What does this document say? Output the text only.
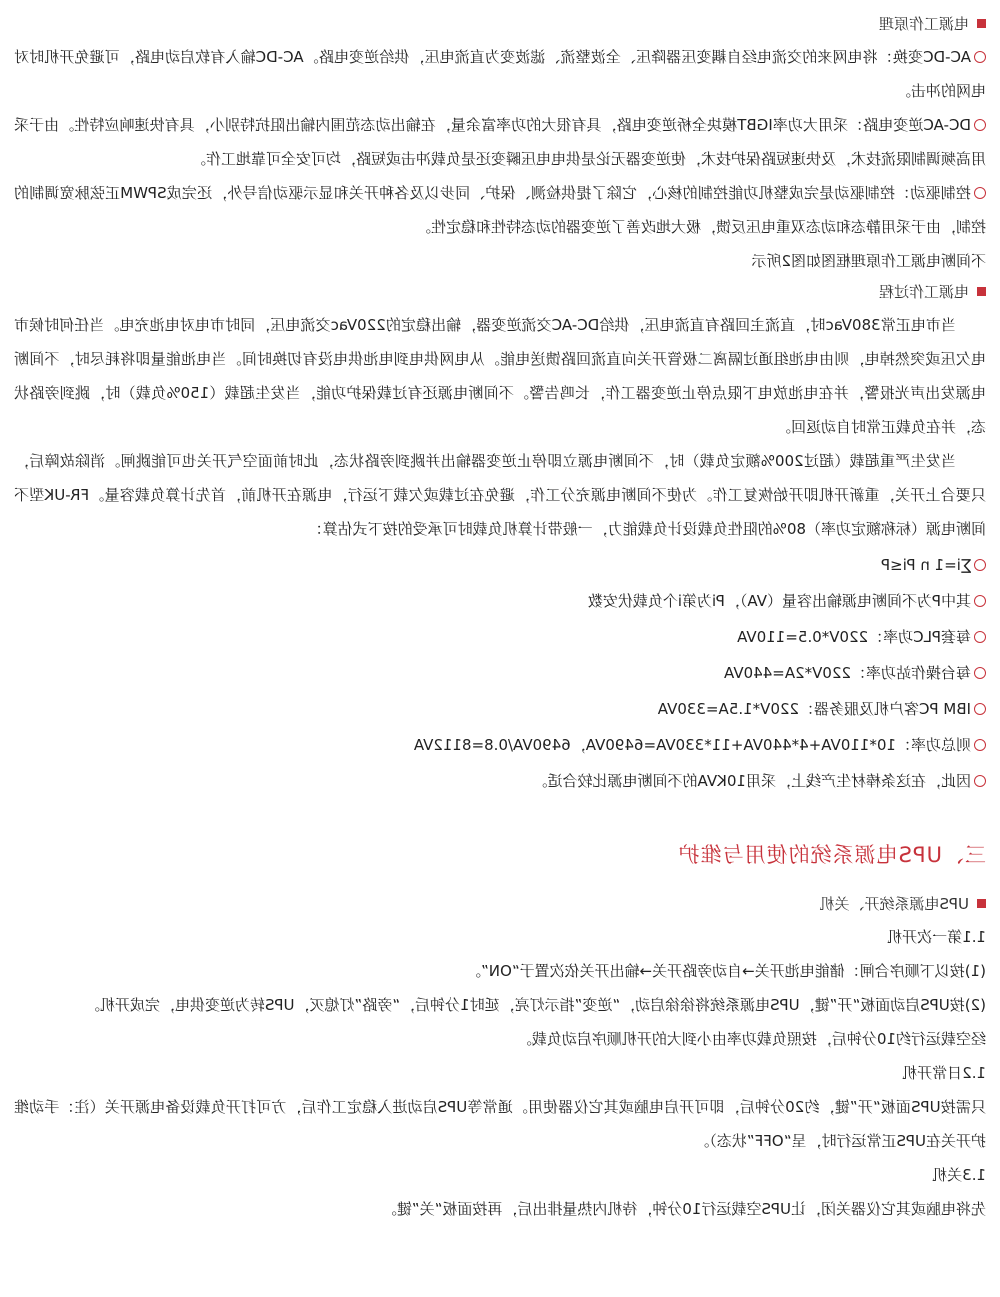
电源工作原理

AC-DC变换：将电网来的交流电经自耦变压器降压、全波整流、滤波变为直流电压，供给逆变电路。AC-DC输入有软启动电路，可避免开机时对电网的冲击。

DC-AC逆变电路：采用大功率IGBT模块全桥逆变电路，具有很大的功率富余量，在输出动态范围内输出阻抗特别小，具有快速响应特性。由于采用高频调制限流技术，及快速短路保护技术，使逆变器无论是供电电压瞬变还是负载冲击或短路，均可安全可靠地工作。

控制驱动：控制驱动是完成整机功能控制的核心，它除了提供检测、保护、同步以及各种开关和显示驱动信号外，还完成SPWM正弦脉宽调制的控制，由于采用静态和动态双重电压反馈，极大地改善了逆变器的动态特性和稳定性。

不间断电源工作原理框图如图2所示

电源工作过程

当市电正常380Vac时，直流主回路有直流电压，供给DC-AC交流逆变器，输出稳定的220Vac交流电压，同时市电对电池充电。当任何时候市电欠压或突然掉电，则由电池组通过隔离二极管开关向直流回路馈送电能。从电网供电到电池供电没有切换时间。当电池能量即将耗尽时，不间断电源发出声光报警，并在电池放电下限点停止逆变器工作，长鸣告警。不间断电源还有过载保护功能，当发生超载（150%负载）时，跳到旁路状态，并在负载正常时自动返回。

当发生严重超载（超过200%额定负载）时，不间断电源立即停止逆变器输出并跳到旁路状态，此时前面空气开关也可能跳闸。消除故障后，只要合上开关，重新开机即开始恢复工作。为使不间断电源充分工作，避免在过载或欠载下运行，电源在开机前，首先计算负载容量。FR-UK型不间断电源（标称额定功率）80%的阻性负载设计负载能力，一般带计算机负载时可承受的按下式估算：

∑i=1 n Pi≤P

其中P为不间断电源输出容量（VA），Pi为第i个负载伏安数

每套PLC功率：220V*0.5=110VA

每台操作站功率：220V*2A=440VA

IBM PC客户机及服务器：220V*1.5A=330VA

则总功率：10*110VA+4*440VA+11*330VA=6490VA，6490VA/0.8=8112VA

因此，在这条棒材生产线上，采用10KVA的不间断电源比较合适。

三、UPS电源系统的使用与维护
UPS电源系统开、关机

1.1第一次开机

(1)按以下顺序合闸：储能电池开关→自动旁路开关→输出开关依次置于“ON”。

(2)按UPS启动面板“开”键，UPS电源系统将徐徐启动，“逆变”指示灯亮，延时1分钟后，“旁路”灯熄灭，UPS转为逆变供电，完成开机。

经空载运行约10分钟后，按照负载功率由小到大的开机顺序启动负载。

1.2日常开机

只需按UPS面板“开”键，约20分钟后，即可开启电脑或其它仪器使用。通常等UPS启动进入稳定工作后，方可打开负载设备电源开关（注：手动维护开关在UPS正常运行时，呈“OFF”状态）。

1.3关机

先将电脑或其它仪器关闭，让UPS空载运行10分钟，待机内热量排出后，再按面板“关”键。
